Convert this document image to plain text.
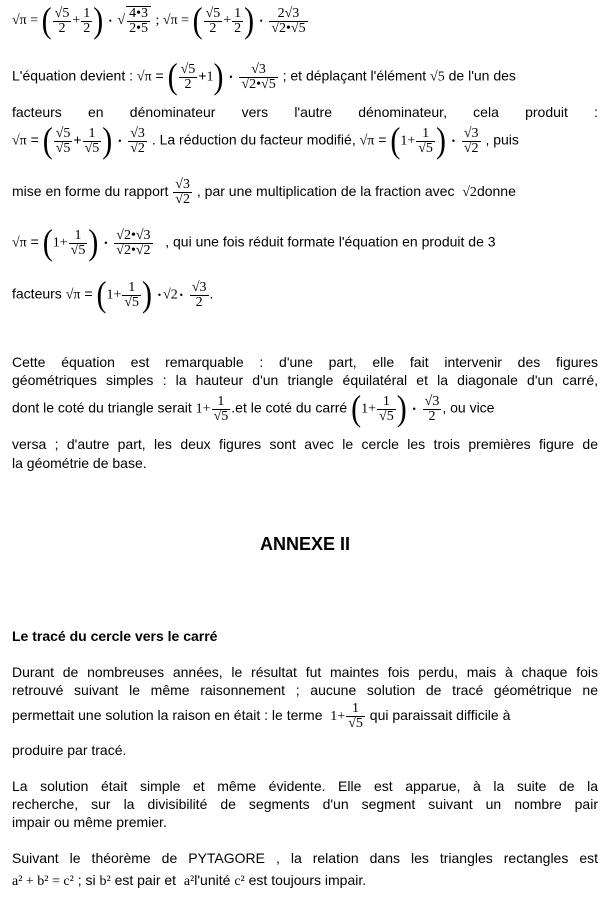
√π = ( $\frac{√5}{2} + \frac{1}{2}$ ) • √ $\frac{4•3}{2•5}$ ; √π = ( $\frac{√5}{2} + \frac{1}{2}$ ) • $\frac{2√3}{√2•√5}$
L'équation devient : √π = ( $\frac{√5}{2} +1$) • $\frac{√3}{√2•√5}$ ; et déplaçant l'élément √5 de l'un des
facteurs en dénominateur vers l'autre dénominateur, cela produit :
√π = ( $\frac{√5}{√5} + \frac{1}{√5}$ ) • $\frac{√3}{√2}$ . La réduction du facteur modifié, $√\pi = (1+ \frac{1}{√5}$ ) • $\frac{√3}{√2}$ , puis
mise en forme du rapport $\frac{√3}{√2}$ , par une multiplication de la fraction avec √2donne
$√\pi = (1+ \frac{1}{√5}$ ) • $\frac{√2•√3}{√2•√2}$ , qui une fois réduit formate l'équation en produit de 3
facteurs $√\pi = (1+ \frac{1}{√5}$ ) • √2 • $\frac{√3}{2}$ .
Cette équation est remarquable : d'une part, elle fait intervenir des figures
géométriques simples : la hauteur d'un triangle équilatéral et la diagonale d'un carré,
dont le coté du triangle serait $1+ \frac{1}{√5} .et$ le coté du carré ($1+ \frac{1}{√5}$ ) • $\frac{√3}{2}$ , ou vice
versa ; d'autre part, les deux figures sont avec le cercle les trois premières figure de
la géométrie de base.
ANNEXE II
Le tracé du cercle vers le carré
Durant de nombreuses années, le résultat fut maintes fois perdu, mais à chaque fois
retrouvé suivant le même raisonnement ; aucune solution de tracé géométrique ne
permettait une solution la raison en était : le terme $1+ \frac{1}{√5}$ qui paraissait difficile à
produire par tracé.
La solution était simple et même évidente. Elle est apparue, à la suite de la
recherche, sur la divisibilité de segments d'un segment suivant un nombre pair
impair ou même premier.
Suivant le théorème de PYTAGORE , la relation dans les triangles rectangles est
a² + b² = c² ; si b² est pair et a²l'unité c² est toujours impair.
